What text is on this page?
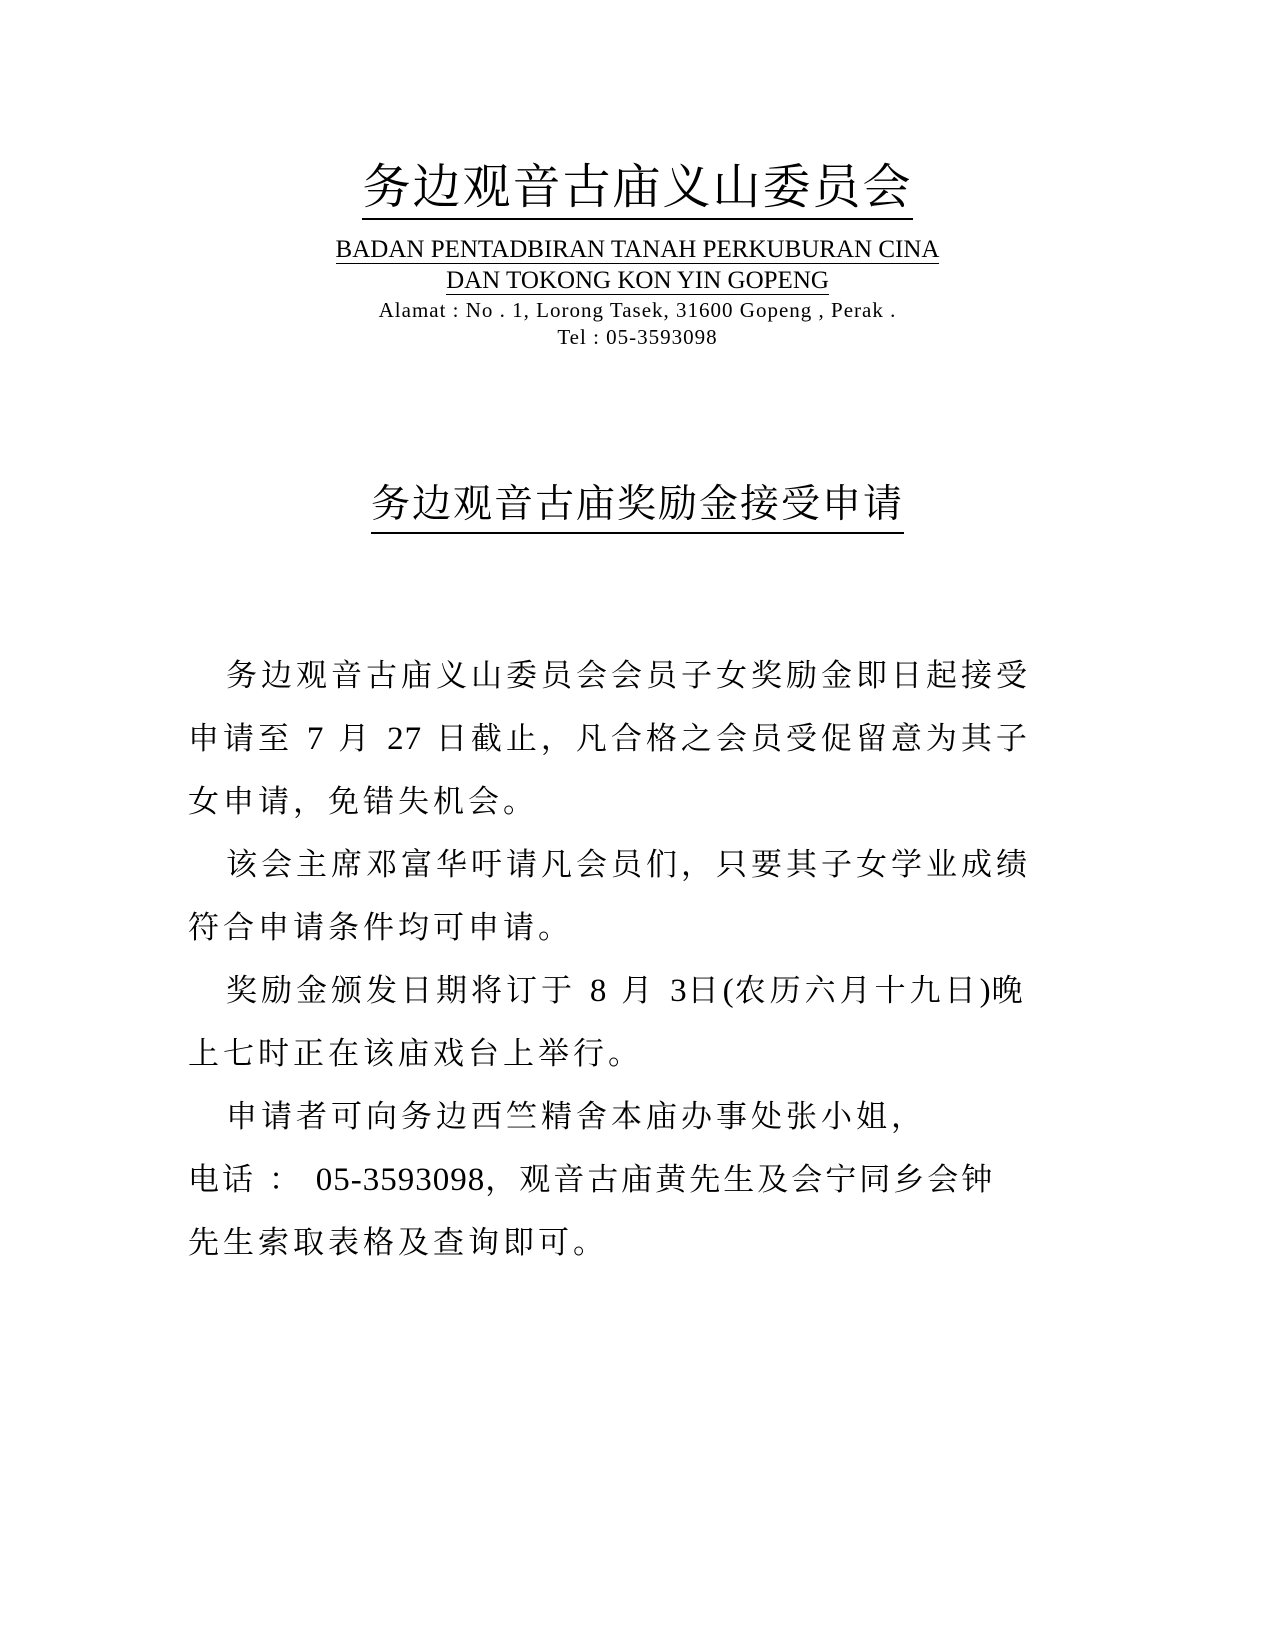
务边观音古庙义山委员会
BADAN PENTADBIRAN TANAH PERKUBURAN CINA
DAN TOKONG KON YIN GOPENG
Alamat : No . 1, Lorong Tasek, 31600 Gopeng , Perak .
Tel : 05-3593098
务边观音古庙奖励金接受申请
务边观音古庙义山委员会会员子女奖励金即日起接受
申请至 7 月 27 日截止，凡合格之会员受促留意为其子
女申请，免错失机会。
该会主席邓富华吁请凡会员们，只要其子女学业成绩
符合申请条件均可申请。
奖励金颁发日期将订于 8 月 3日(农历六月十九日)晚
上七时正在该庙戏台上举行。
申请者可向务边西竺精舍本庙办事处张小姐，
电话 ： 05-3593098，观音古庙黄先生及会宁同乡会钟
先生索取表格及查询即可。
